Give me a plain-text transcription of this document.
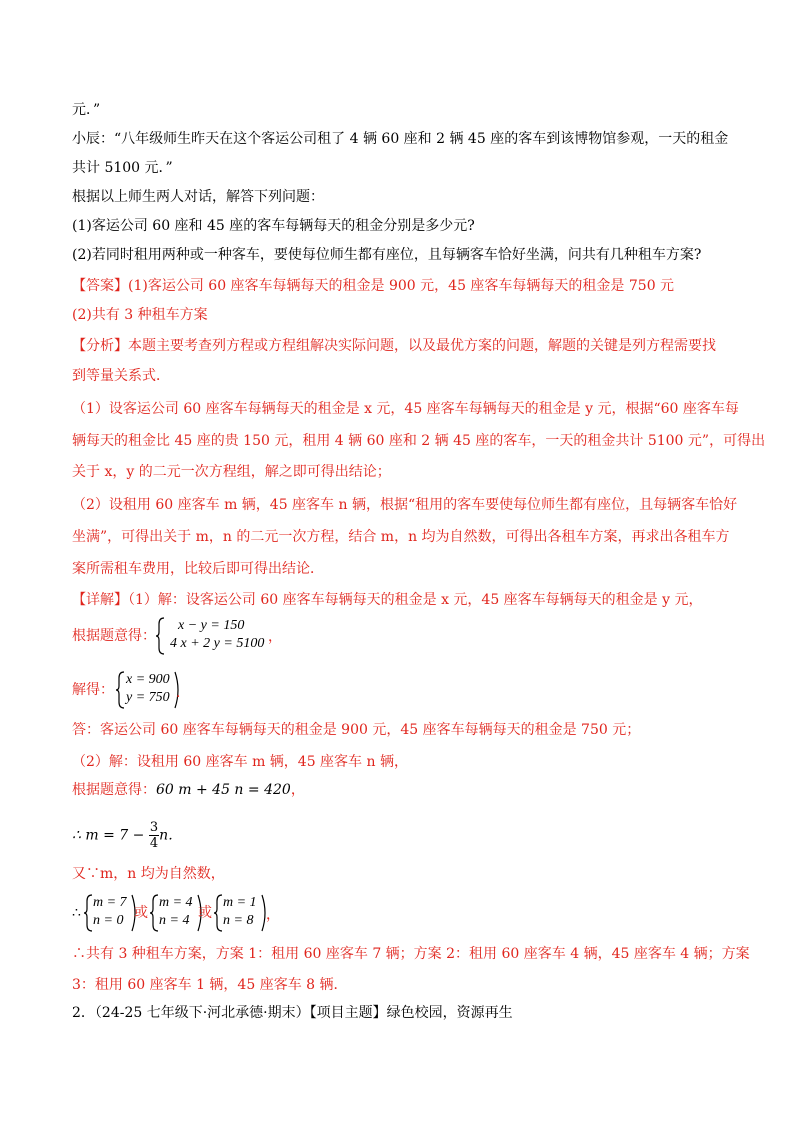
元．”
小辰：“八年级师生昨天在这个客运公司租了 4 辆 60 座和 2 辆 45 座的客车到该博物馆参观，一天的租金
共计 5100 元．”
根据以上师生两人对话，解答下列问题：
(1)客运公司 60 座和 45 座的客车每辆每天的租金分别是多少元?
(2)若同时租用两种或一种客车，要使每位师生都有座位，且每辆客车恰好坐满，问共有几种租车方案?
【答案】(1)客运公司 60 座客车每辆每天的租金是 900 元，45 座客车每辆每天的租金是 750 元
(2)共有 3 种租车方案
【分析】本题主要考查列方程或方程组解决实际问题，以及最优方案的问题，解题的关键是列方程需要找
到等量关系式．
（1）设客运公司 60 座客车每辆每天的租金是 x 元，45 座客车每辆每天的租金是 y 元，根据“60 座客车每
辆每天的租金比 45 座的贵 150 元，租用 4 辆 60 座和 2 辆 45 座的客车，一天的租金共计 5100 元”，可得出
关于 x，y 的二元一次方程组，解之即可得出结论；
（2）设租用 60 座客车 m 辆，45 座客车 n 辆，根据“租用的客车要使每位师生都有座位，且每辆客车恰好
坐满”，可得出关于 m，n 的二元一次方程，结合 m，n 均为自然数，可得出各租车方案，再求出各租车方
案所需租车费用，比较后即可得出结论．
【详解】（1）解：设客运公司 60 座客车每辆每天的租金是 x 元，45 座客车每辆每天的租金是 y 元，
根据题意得：
x − y = 150
4 x + 2 y = 5100 ，
解得：
x = 900
y = 750 ．
答：客运公司 60 座客车每辆每天的租金是 900 元，45 座客车每辆每天的租金是 750 元；
（2）解：设租用 60 座客车 m 辆，45 座客车 n 辆，
根据题意得：60 m + 45 n = 420，
∴ $m = 7 - \frac{3}{4}$ n．
又∵m，n 均为自然数，
∴
m = 7
n = 0 或
m = 4
n = 4 或
m = 1
n = 8 ，
∴共有 3 种租车方案，方案 1：租用 60 座客车 7 辆；方案 2：租用 60 座客车 4 辆，45 座客车 4 辆；方案
3：租用 60 座客车 1 辆，45 座客车 8 辆．
2．（24-25 七年级下·河北承德·期末）【项目主题】绿色校园，资源再生
